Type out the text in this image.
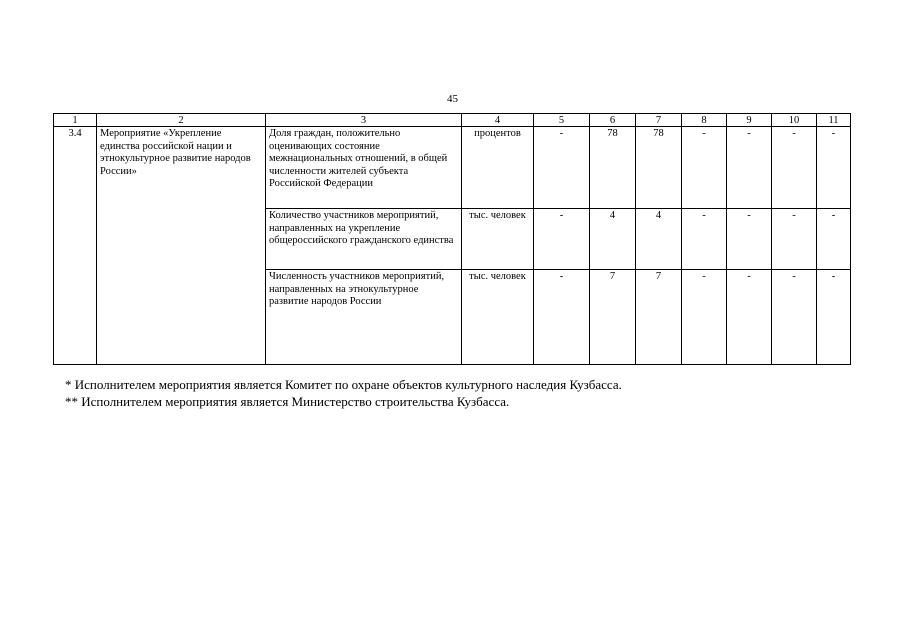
45
1	2	3	4	5	6	7	8	9	10	11
3.4	Мероприятие «Укрепление единства российской нации и этнокультурное развитие народов России»	Доля граждан, положительно оценивающих состояние межнациональных отношений, в общей численности жителей субъекта Российской Федерации	процентов	-	78	78	-	-	-	-
		Количество участников мероприятий, направленных на укрепление общероссийского гражданского единства	тыс. человек	-	4	4	-	-	-	-
		Численность участников мероприятий, направленных на этнокультурное развитие народов России	тыс. человек	-	7	7	-	-	-	-

* Исполнителем мероприятия является Комитет по охране объектов культурного наследия Кузбасса.

** Исполнителем мероприятия является Министерство строительства Кузбасса.
